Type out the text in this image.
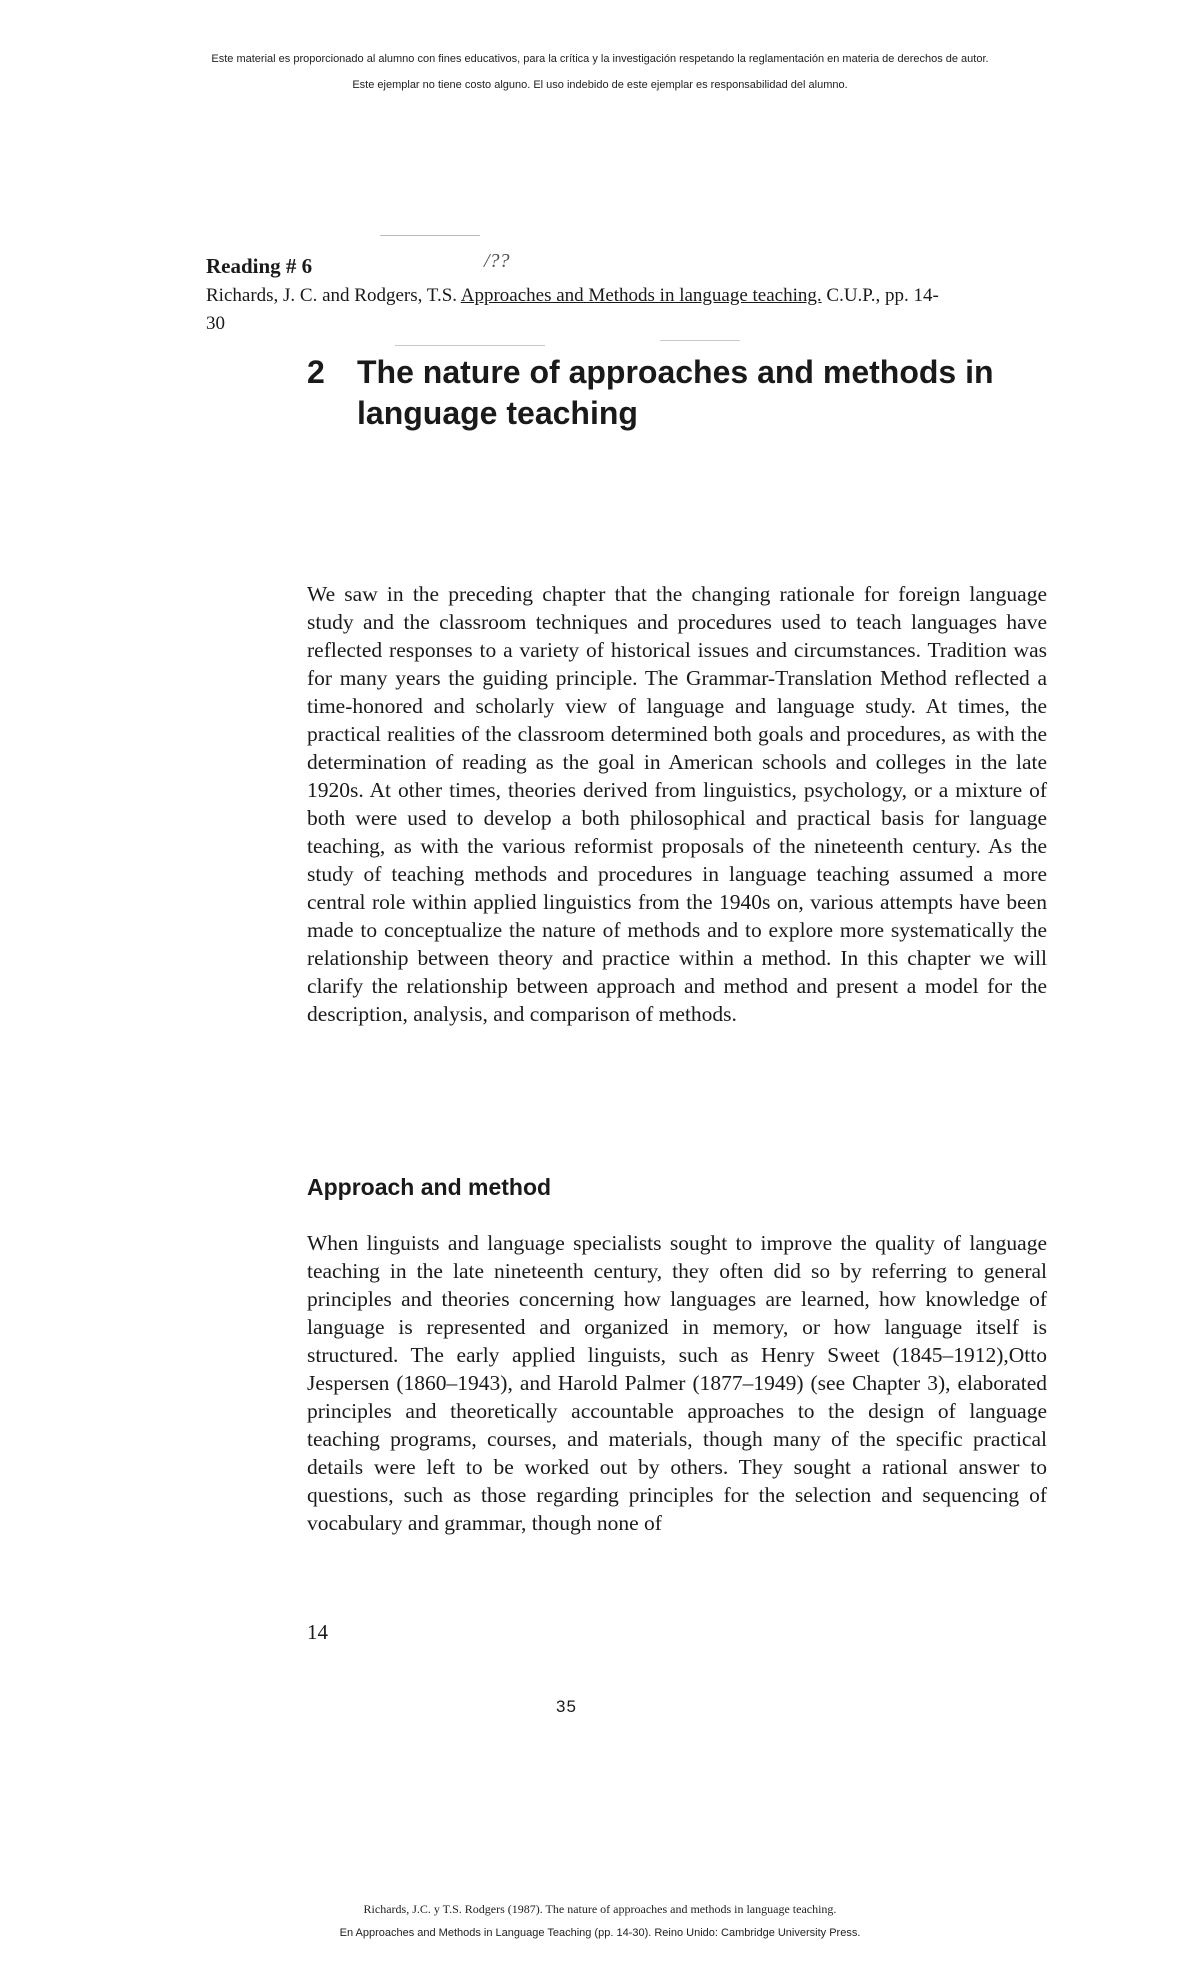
Este material es proporcionado al alumno con fines educativos, para la crítica y la investigación respetando la reglamentación en materia de derechos de autor.
Este ejemplar no tiene costo alguno. El uso indebido de este ejemplar es responsabilidad del alumno.
Reading # 6	/??
Richards, J. C. and Rodgers, T.S. Approaches and Methods in language teaching. C.U.P., pp. 14-
30
2 The nature of approaches and methods in language teaching

We saw in the preceding chapter that the changing rationale for foreign language study and the classroom techniques and procedures used to teach languages have reflected responses to a variety of historical issues and circumstances. Tradition was for many years the guiding principle. The Grammar-Translation Method reflected a time-honored and scholarly view of language and language study. At times, the practical realities of the classroom determined both goals and procedures, as with the determination of reading as the goal in American schools and colleges in the late 1920s. At other times, theories derived from linguistics, psychology, or a mixture of both were used to develop a both philosophical and practical basis for language teaching, as with the various reformist proposals of the nineteenth century. As the study of teaching methods and procedures in language teaching assumed a more central role within applied linguistics from the 1940s on, various attempts have been made to conceptualize the nature of methods and to explore more systematically the relationship between theory and practice within a method. In this chapter we will clarify the relationship between approach and method and present a model for the description, analysis, and comparison of methods.

Approach and method

When linguists and language specialists sought to improve the quality of language teaching in the late nineteenth century, they often did so by referring to general principles and theories concerning how languages are learned, how knowledge of language is represented and organized in memory, or how language itself is structured. The early applied linguists, such as Henry Sweet (1845–1912),Otto Jespersen (1860–1943), and Harold Palmer (1877–1949) (see Chapter 3), elaborated principles and theoretically accountable approaches to the design of language teaching programs, courses, and materials, though many of the specific practical details were left to be worked out by others. They sought a rational answer to questions, such as those regarding principles for the selection and sequencing of vocabulary and grammar, though none of

14
35
Richards, J.C. y T.S. Rodgers (1987). The nature of approaches and methods in language teaching.
En Approaches and Methods in Language Teaching (pp. 14-30). Reino Unido: Cambridge University Press.
